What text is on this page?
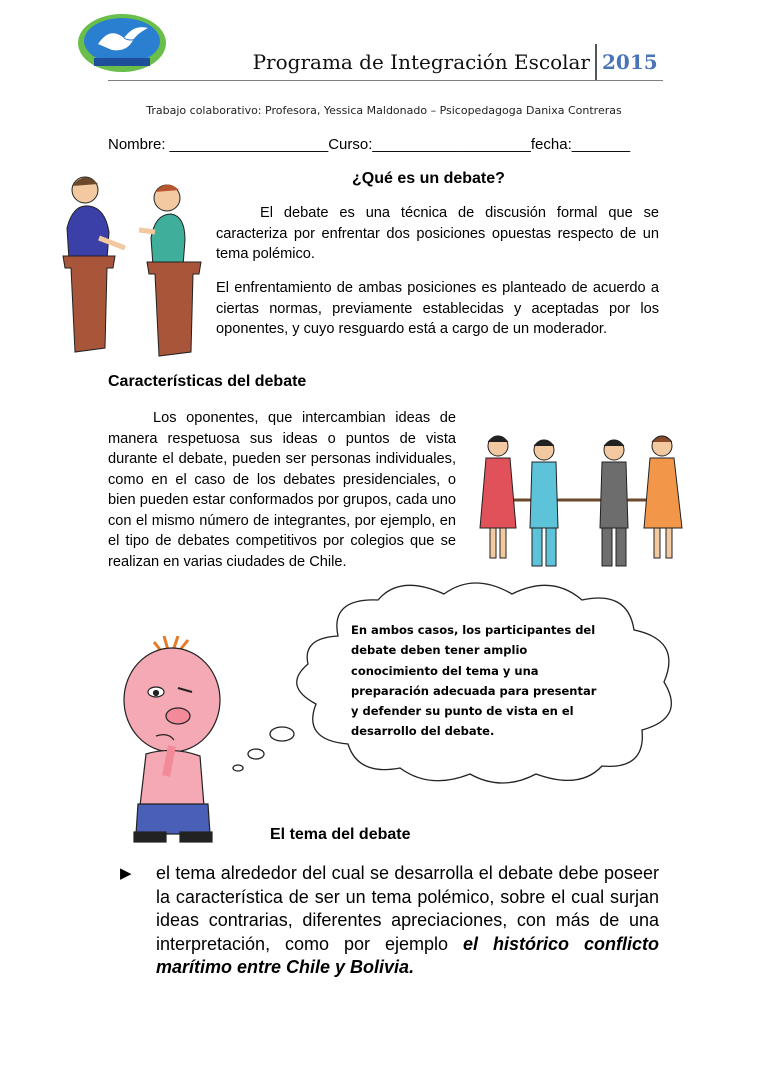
Programa de Integración Escolar 2015
Trabajo colaborativo: Profesora, Yessica Maldonado – Psicopedagoga Danixa Contreras
Nombre: ___________________Curso:___________________fecha:_______
¿Qué es un debate?
El debate es una técnica de discusión formal que se caracteriza por enfrentar dos posiciones opuestas respecto de un tema polémico.
El enfrentamiento de ambas posiciones es planteado de acuerdo a ciertas normas, previamente establecidas y aceptadas por los oponentes, y cuyo resguardo está a cargo de un moderador.
Características del debate
Los oponentes, que intercambian ideas de manera respetuosa sus ideas o puntos de vista durante el debate, pueden ser personas individuales, como en el caso de los debates presidenciales, o bien pueden estar conformados por grupos, cada uno con el mismo número de integrantes, por ejemplo, en el tipo de debates competitivos por colegios que se realizan en varias ciudades de Chile.
En ambos casos, los participantes del debate deben tener amplio conocimiento del tema y una preparación adecuada para presentar y defender su punto de vista en el desarrollo del debate.
El tema del debate
▶ el tema alrededor del cual se desarrolla el debate debe poseer la característica de ser un tema polémico, sobre el cual surjan ideas contrarias, diferentes apreciaciones, con más de una interpretación, como por ejemplo el histórico conflicto marítimo entre Chile y Bolivia.
